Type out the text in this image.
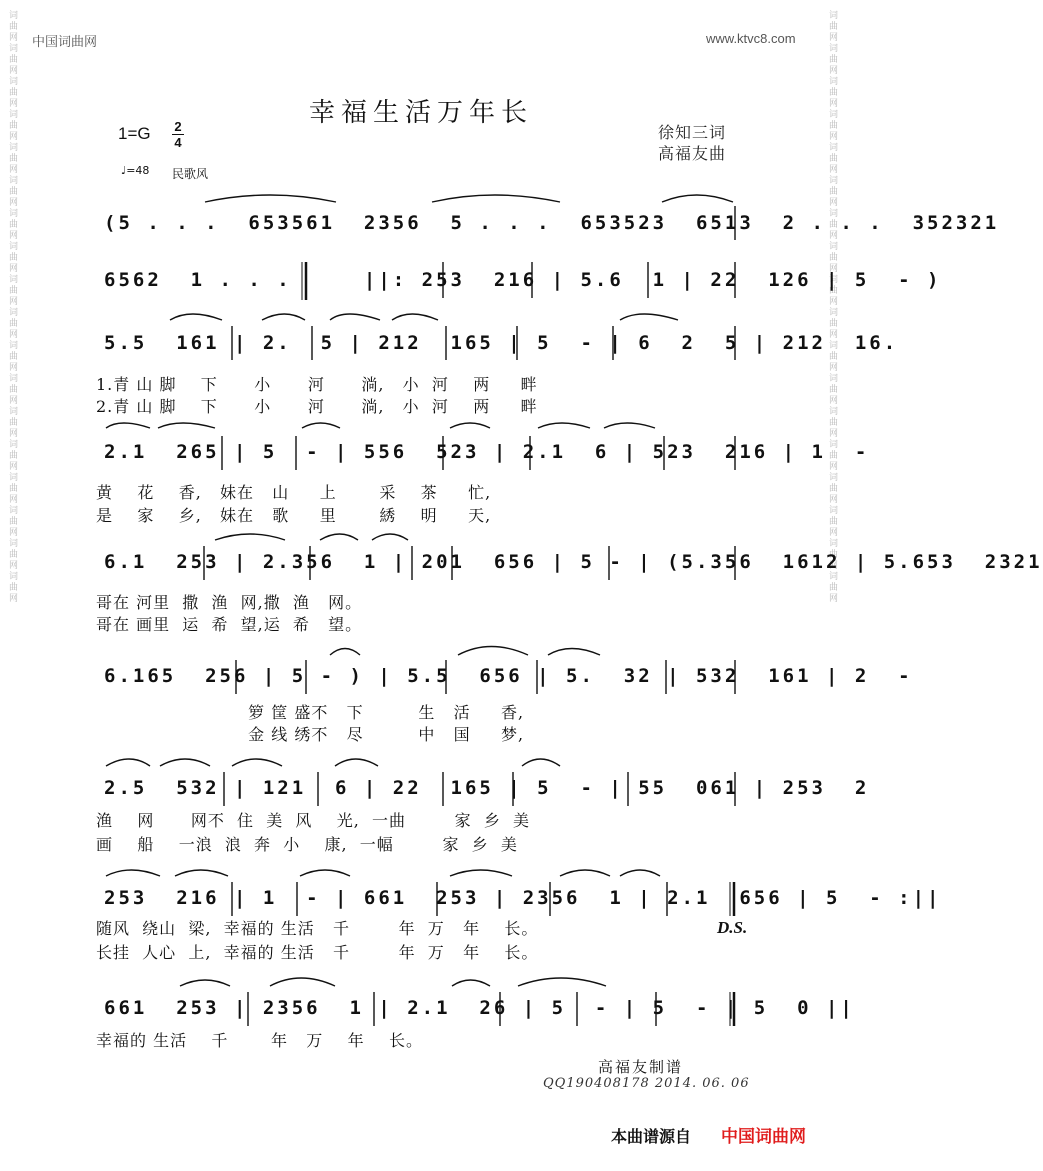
中国词曲网	www.ktvc8.com
词曲网词曲网词曲网词曲网词曲网词曲网词曲网词曲网词曲网词曲网词曲网词曲网词曲网词曲网词曲网词曲网词曲网词曲网	词曲网词曲网词曲网词曲网词曲网词曲网词曲网词曲网词曲网词曲网词曲网词曲网词曲网词曲网词曲网词曲网词曲网词曲网
幸福生活万年长
1=G 2
4
徐知三词
高福友曲
♩=48 民歌风
(5 . . .  653561  2356  5 . . .  653523  6513  2 . . .  352321
6562  1 . . .     ||: 253  216 | 5.6  1 | 22  126 | 5  - )
5.5  161 | 2.  5 | 212  165 | 5  - | 6  2  5 | 212  16.
2.1  265 | 5  - | 556  523 | 2.1  6 | 523  216 | 1  -
6.1  253 | 2.356  1 | 201  656 | 5 - | (5.356  1612 | 5.653  2321
6.165  256 | 5 - ) | 5.5  656 | 5.  32 | 532  161 | 2  -
2.5  532 | 121  6 | 22  165 | 5  - | 55  061 | 253  2
253  216 | 1  - | 661  253 | 2356  1 | 2.1  656 | 5  - :||
661  253 | 2356  1 | 2.1  26 | 5  - | 5  - | 5  0 ||
1.青 山 脚    下      小      河      淌,   小  河    两     畔
2.青 山 脚    下      小      河      淌,   小  河    两     畔
黄    花    香,   妹在   山     上       采    茶     忙,
是    家    乡,   妹在   歌     里       綉    明     天,
哥在 河里  撒  渔  网,撒  渔   网。
哥在 画里  运  希  望,运  希   望。
箩 筐 盛不   下         生   活     香,
金 线 绣不   尽         中   国     梦,
渔    网      网不  住  美  风    光,  一曲        家  乡  美
画    船    一浪  浪  奔  小    康,  一幅        家  乡  美
随风  绕山  梁,  幸福的 生活   千        年  万   年    长。
长挂  人心  上,  幸福的 生活   千        年  万   年    长。
幸福的 生活    千       年   万    年    长。
D.S.
高福友制谱
QQ190408178 2014. 06. 06
本曲谱源自 中国词曲网
